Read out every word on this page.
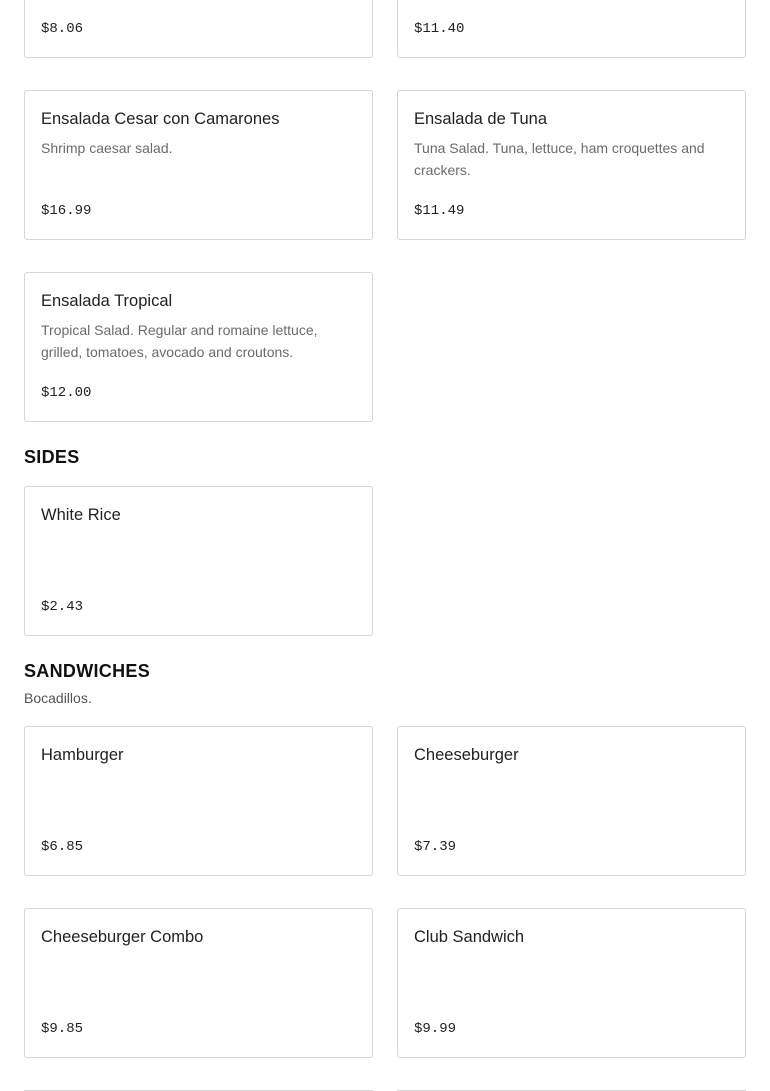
$8.06	$11.40
Ensalada Cesar con Camarones
Shrimp caesar salad.
$16.99
Ensalada de Tuna
Tuna Salad. Tuna, lettuce, ham croquettes and crackers.
$11.49
Ensalada Tropical
Tropical Salad. Regular and romaine lettuce, grilled, tomatoes, avocado and croutons.
$12.00
SIDES
White Rice
$2.43
SANDWICHES
Bocadillos.
Hamburger
$6.85
Cheeseburger
$7.39
Cheeseburger Combo
$9.85
Club Sandwich
$9.99
